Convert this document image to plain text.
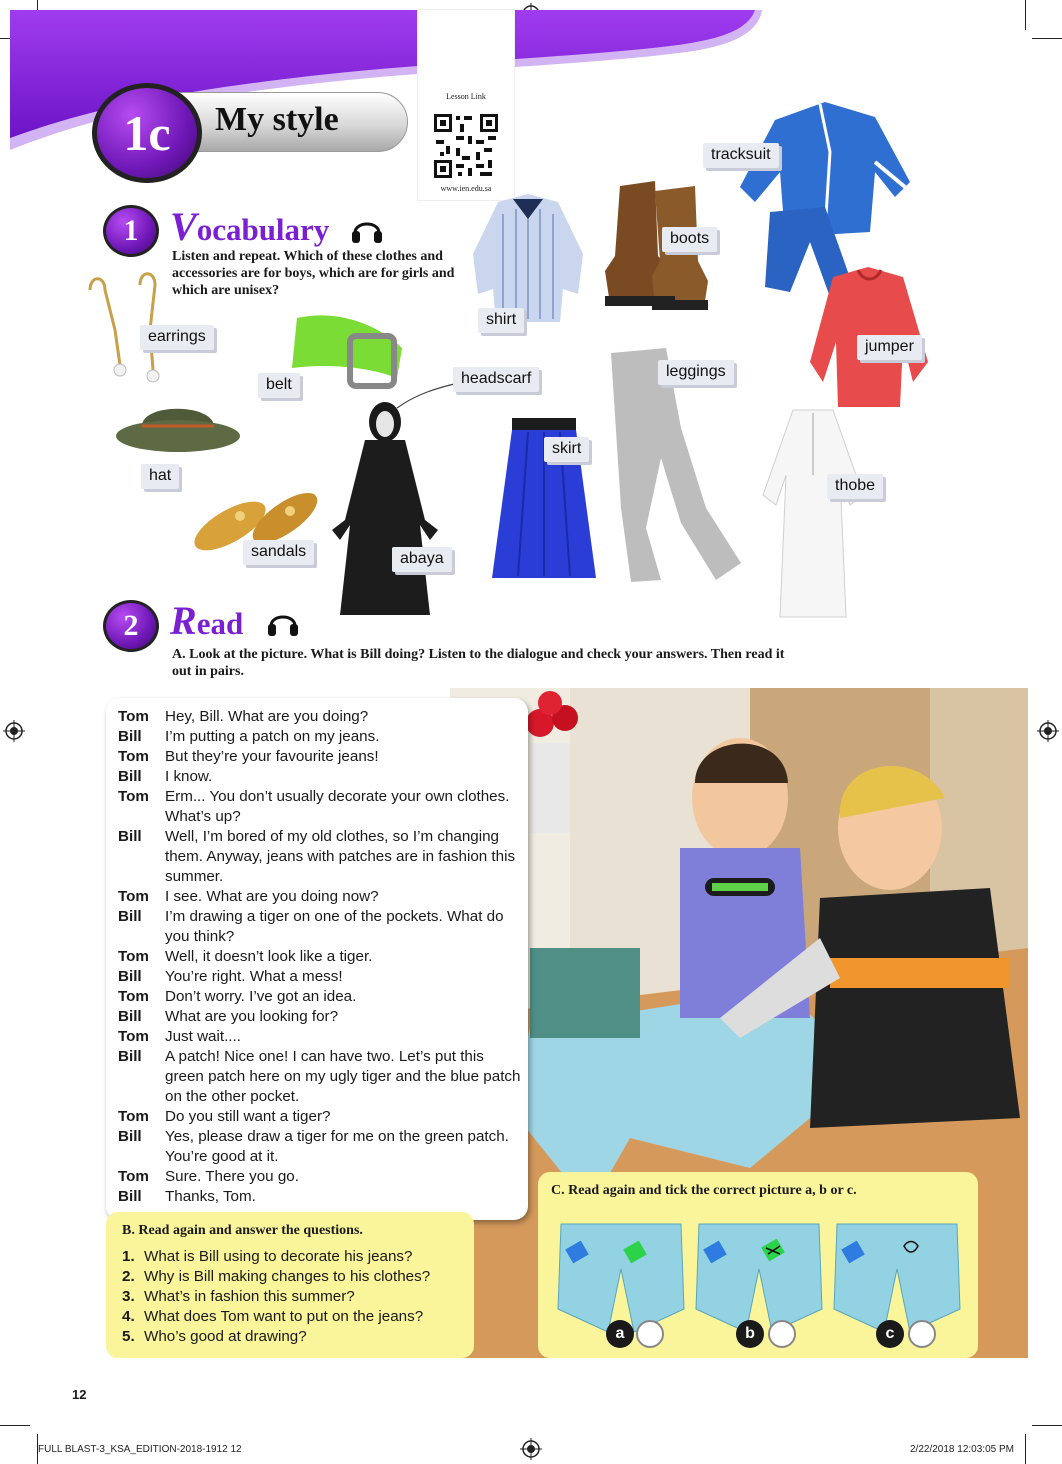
My style
1c
Lesson Link
www.ien.edu.sa
1 Vocabulary
Listen and repeat. Which of these clothes and accessories are for boys, which are for girls and which are unisex?
tracksuit
boots
shirt
earrings
jumper
leggings
headscarf
belt
skirt
hat
thobe
sandals	abaya
2 Read
A. Look at the picture. What is Bill doing? Listen to the dialogue and check your answers. Then read it out in pairs.
Tom	Hey, Bill. What are you doing?
Bill	I’m putting a patch on my jeans.
Tom	But they’re your favourite jeans!
Bill	I know.
Tom	Erm... You don’t usually decorate your own clothes. What’s up?
Bill	Well, I’m bored of my old clothes, so I’m changing them. Anyway, jeans with patches are in fashion this summer.
Tom	I see. What are you doing now?
Bill	I’m drawing a tiger on one of the pockets. What do you think?
Tom	Well, it doesn’t look like a tiger.
Bill	You’re right. What a mess!
Tom	Don’t worry. I’ve got an idea.
Bill	What are you looking for?
Tom	Just wait....
Bill	A patch! Nice one! I can have two. Let’s put this green patch here on my ugly tiger and the blue patch on the other pocket.
Tom	Do you still want a tiger?
Bill	Yes, please draw a tiger for me on the green patch. You’re good at it.
Tom	Sure. There you go.
Bill	Thanks, Tom.
B. Read again and answer the questions.
1. What is Bill using to decorate his jeans?
2. Why is Bill making changes to his clothes?
3. What’s in fashion this summer?
4. What does Tom want to put on the jeans?
5. Who’s good at drawing?
C. Read again and tick the correct picture a, b or c.
a	b	c
12
FULL BLAST-3_KSA_EDITION-2018-1912 12	2/22/2018 12:03:05 PM
